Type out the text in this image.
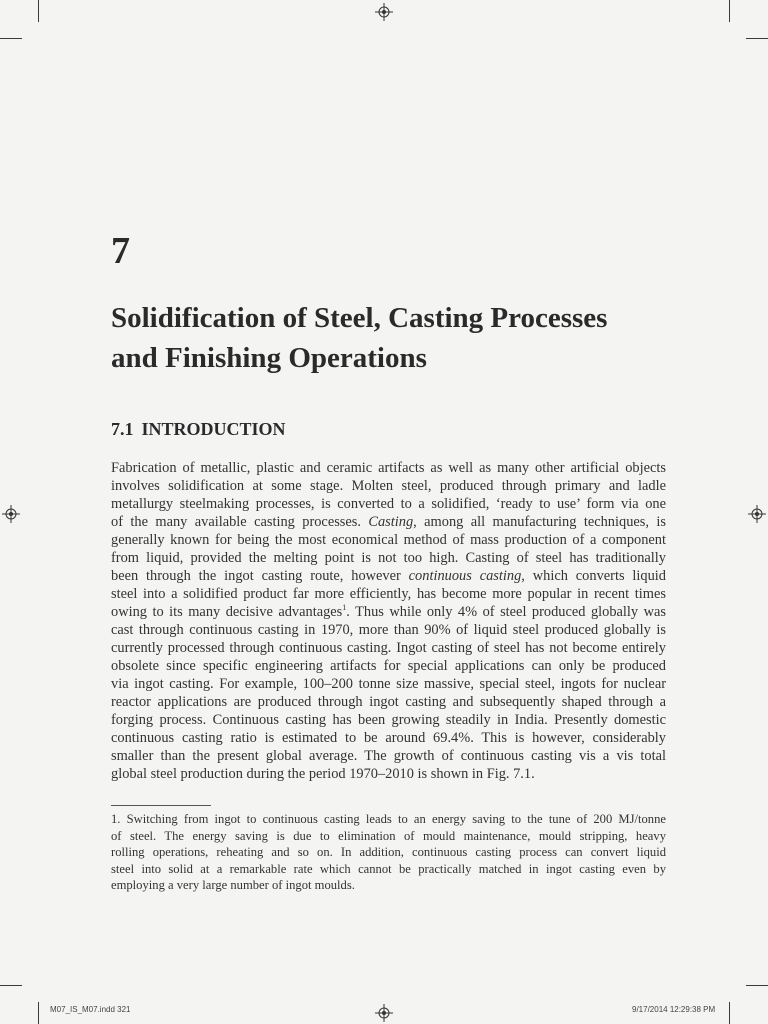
7
Solidification of Steel, Casting Processes
and Finishing Operations
7.1 INTRODUCTION
Fabrication of metallic, plastic and ceramic artifacts as well as many other artificial objects
involves solidification at some stage. Molten steel, produced through primary and ladle
metallurgy steelmaking processes, is converted to a solidified, ‘ready to use’ form via one
of the many available casting processes. Casting, among all manufacturing techniques, is
generally known for being the most economical method of mass production of a component
from liquid, provided the melting point is not too high. Casting of steel has traditionally
been through the ingot casting route, however continuous casting, which converts liquid
steel into a solidified product far more efficiently, has become more popular in recent times
owing to its many decisive advantages$^1$. Thus while only 4% of steel produced globally was
cast through continuous casting in 1970, more than 90% of liquid steel produced globally is
currently processed through continuous casting. Ingot casting of steel has not become entirely
obsolete since specific engineering artifacts for special applications can only be produced
via ingot casting. For example, 100–200 tonne size massive, special steel, ingots for nuclear
reactor applications are produced through ingot casting and subsequently shaped through a
forging process. Continuous casting has been growing steadily in India. Presently domestic
continuous casting ratio is estimated to be around 69.4%. This is however, considerably
smaller than the present global average. The growth of continuous casting vis a vis total
global steel production during the period 1970–2010 is shown in Fig. 7.1.
1. Switching from ingot to continuous casting leads to an energy saving to the tune of 200 MJ/tonne
of steel. The energy saving is due to elimination of mould maintenance, mould stripping, heavy
rolling operations, reheating and so on. In addition, continuous casting process can convert liquid
steel into solid at a remarkable rate which cannot be practically matched in ingot casting even by
employing a very large number of ingot moulds.
M07_IS_M07.indd 321	9/17/2014 12:29:38 PM
